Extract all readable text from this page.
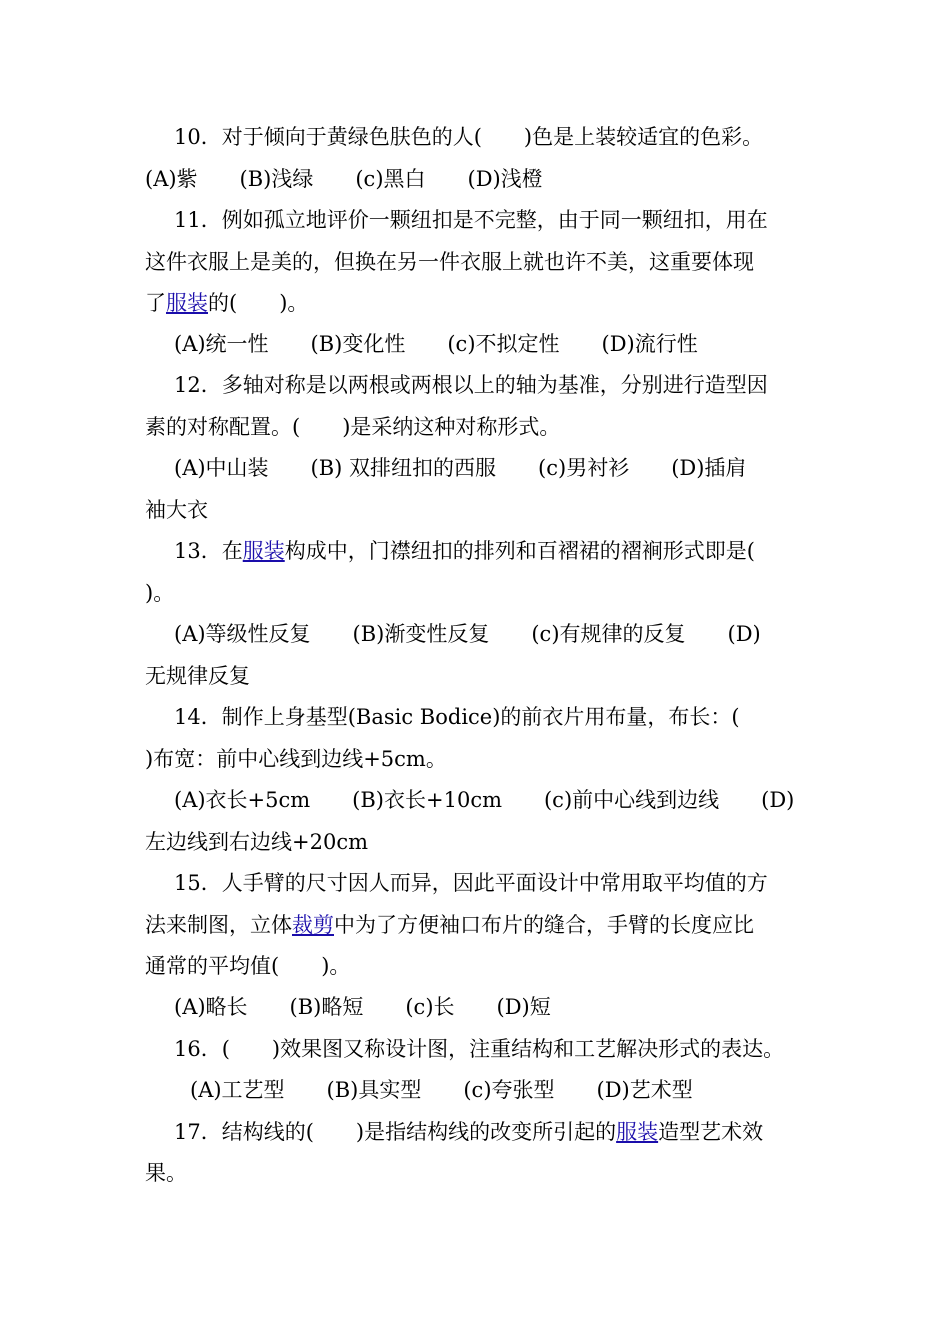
10．对于倾向于黄绿色肤色的人(　　)色是上装较适宜的色彩。
(A)紫　　(B)浅绿　　(c)黑白　　(D)浅橙
11．例如孤立地评价一颗纽扣是不完整，由于同一颗纽扣，用在
这件衣服上是美的，但换在另一件衣服上就也许不美，这重要体现
了服装的(　　)。
(A)统一性　　(B)变化性　　(c)不拟定性　　(D)流行性
12．多轴对称是以两根或两根以上的轴为基准，分别进行造型因
素的对称配置。(　　)是采纳这种对称形式。
(A)中山装　　(B) 双排纽扣的西服　　(c)男衬衫　　(D)插肩
袖大衣
13．在服装构成中，门襟纽扣的排列和百褶裙的褶裥形式即是(
)。
(A)等级性反复　　(B)渐变性反复　　(c)有规律的反复　　(D)
无规律反复
14．制作上身基型(Basic Bodice)的前衣片用布量，布长：(
)布宽：前中心线到边线+5cm。
(A)衣长+5cm　　(B)衣长+10cm　　(c)前中心线到边线　　(D)
左边线到右边线+20cm
15．人手臂的尺寸因人而异，因此平面设计中常用取平均值的方
法来制图，立体裁剪中为了方便袖口布片的缝合，手臂的长度应比
通常的平均值(　　)。
(A)略长　　(B)略短　　(c)长　　(D)短
16．(　　)效果图又称设计图，注重结构和工艺解决形式的表达。
(A)工艺型　　(B)具实型　　(c)夸张型　　(D)艺术型
17．结构线的(　　)是指结构线的改变所引起的服装造型艺术效
果。
